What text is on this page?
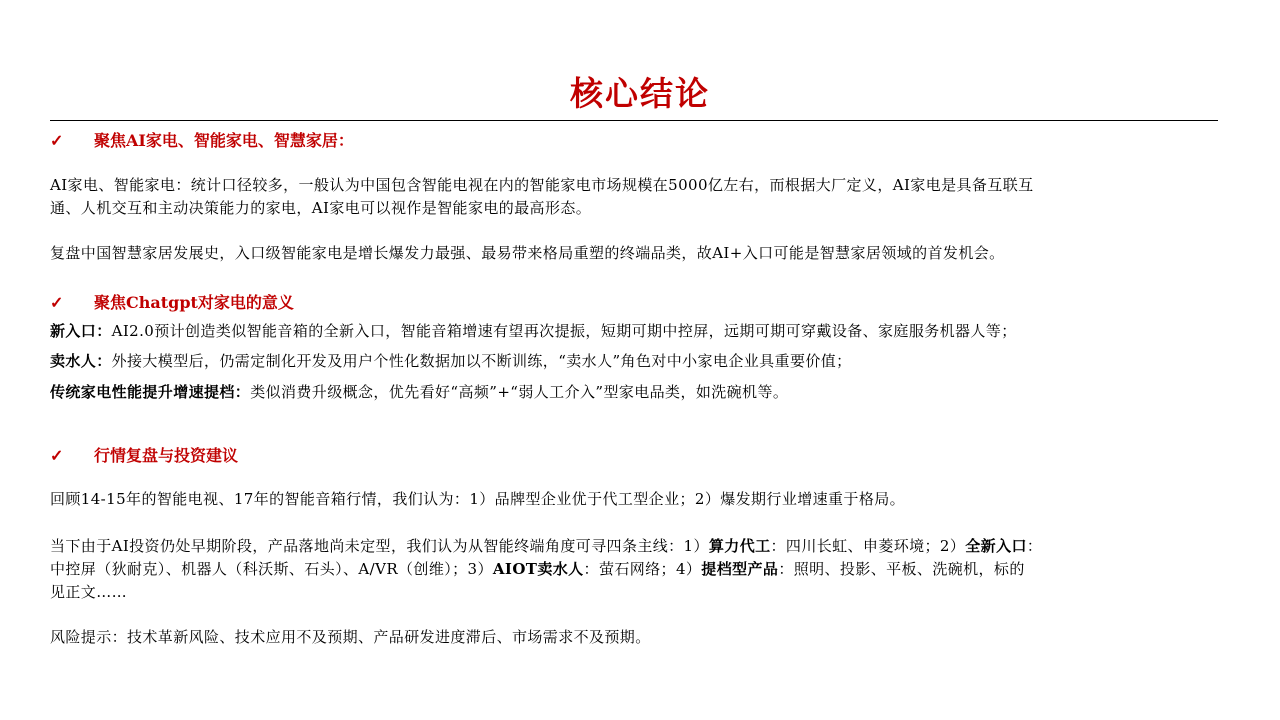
核心结论
✓ 聚焦AI家电、智能家电、智慧家居：
AI家电、智能家电：统计口径较多，一般认为中国包含智能电视在内的智能家电市场规模在5000亿左右，而根据大厂定义，AI家电是具备互联互
通、人机交互和主动决策能力的家电，AI家电可以视作是智能家电的最高形态。
复盘中国智慧家居发展史，入口级智能家电是增长爆发力最强、最易带来格局重塑的终端品类，故AI+入口可能是智慧家居领域的首发机会。
✓ 聚焦Chatgpt对家电的意义
新入口：AI2.0预计创造类似智能音箱的全新入口，智能音箱增速有望再次提振，短期可期中控屏，远期可期可穿戴设备、家庭服务机器人等；
卖水人：外接大模型后，仍需定制化开发及用户个性化数据加以不断训练，“卖水人”角色对中小家电企业具重要价值；
传统家电性能提升增速提档：类似消费升级概念，优先看好“高频”+“弱人工介入”型家电品类，如洗碗机等。
✓ 行情复盘与投资建议
回顾14-15年的智能电视、17年的智能音箱行情，我们认为：1）品牌型企业优于代工型企业；2）爆发期行业增速重于格局。
当下由于AI投资仍处早期阶段，产品落地尚未定型，我们认为从智能终端角度可寻四条主线：1）算力代工：四川长虹、申菱环境；2）全新入口：
中控屏（狄耐克）、机器人（科沃斯、石头）、A/VR（创维）；3）AIOT卖水人：萤石网络；4）提档型产品：照明、投影、平板、洗碗机，标的
见正文……
风险提示：技术革新风险、技术应用不及预期、产品研发进度滞后、市场需求不及预期。
